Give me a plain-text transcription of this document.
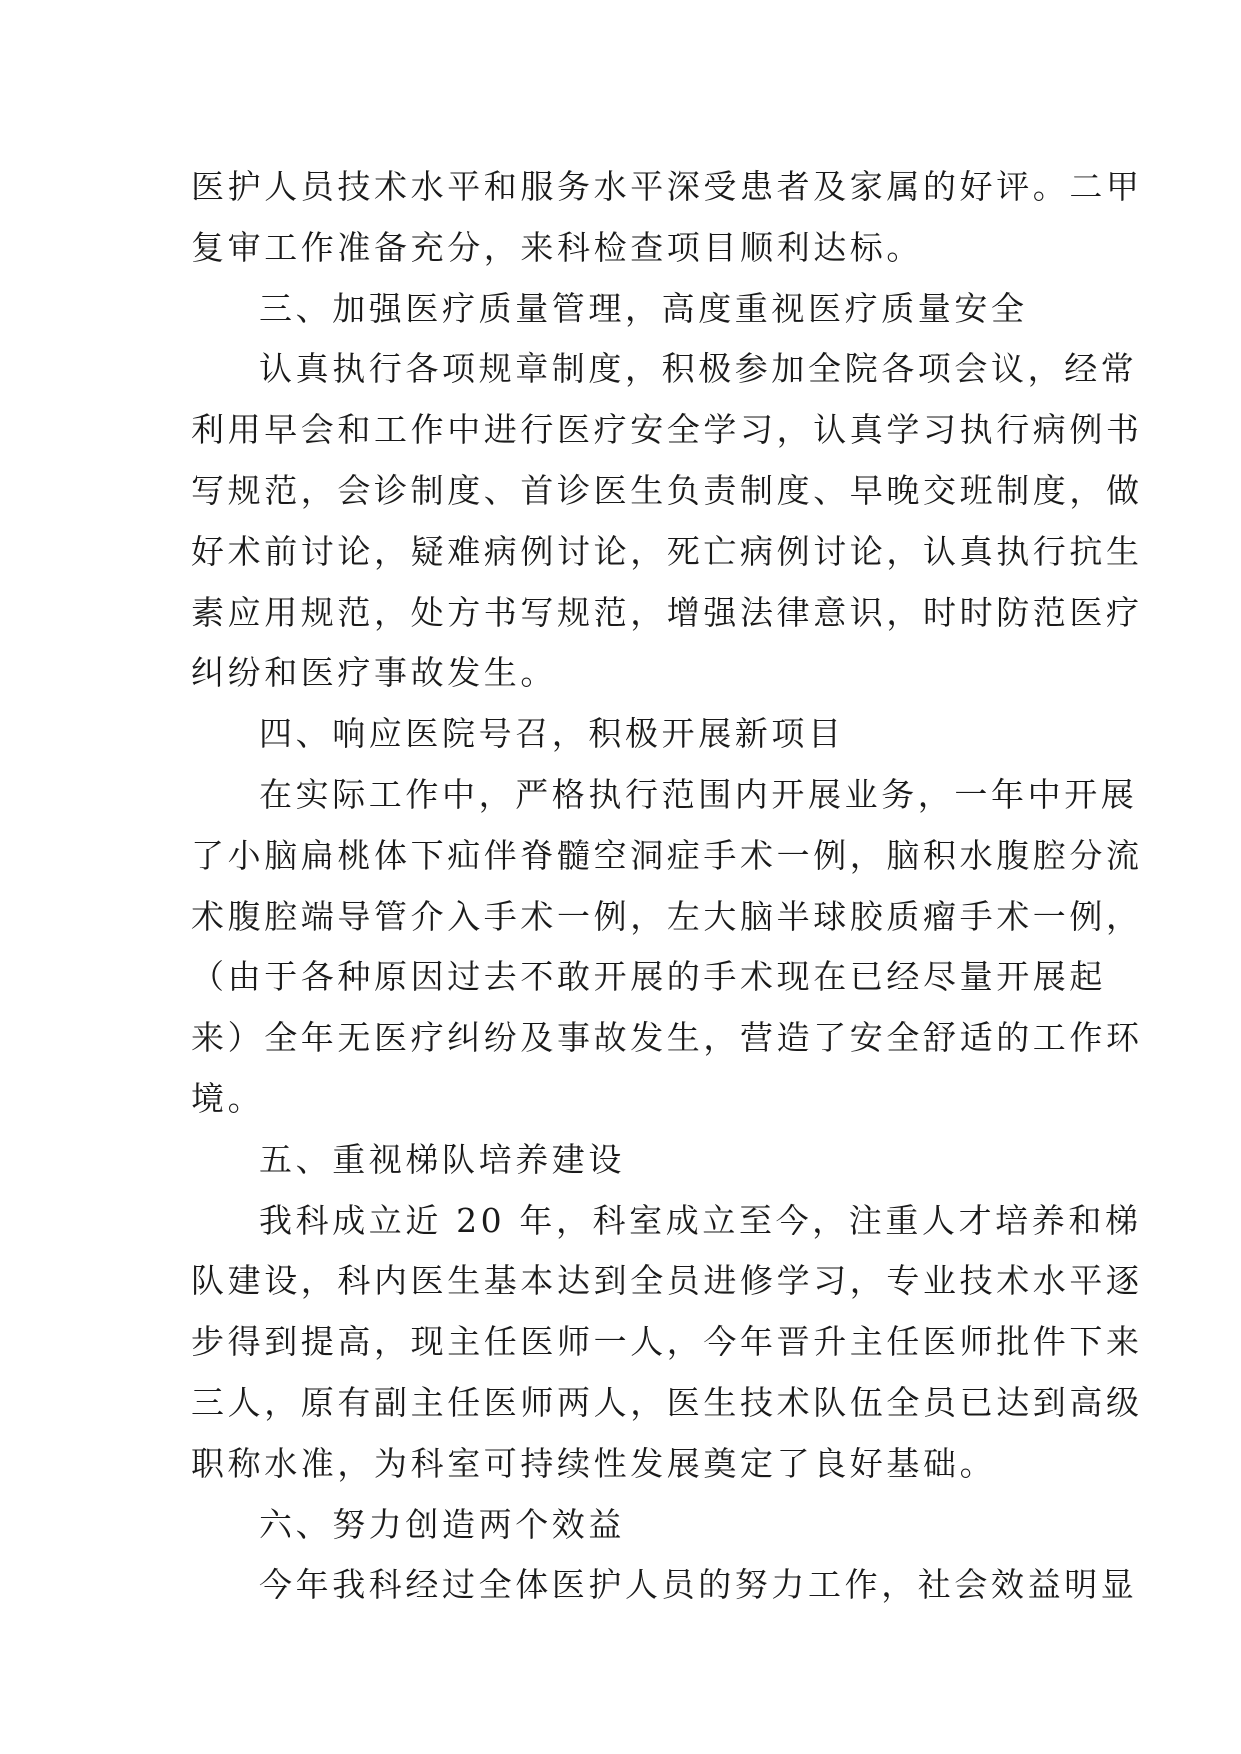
医护人员技术水平和服务水平深受患者及家属的好评。二甲
复审工作准备充分，来科检查项目顺利达标。
三、加强医疗质量管理，高度重视医疗质量安全
认真执行各项规章制度，积极参加全院各项会议，经常
利用早会和工作中进行医疗安全学习，认真学习执行病例书
写规范，会诊制度、首诊医生负责制度、早晚交班制度，做
好术前讨论，疑难病例讨论，死亡病例讨论，认真执行抗生
素应用规范，处方书写规范，增强法律意识，时时防范医疗
纠纷和医疗事故发生。
四、响应医院号召，积极开展新项目
在实际工作中，严格执行范围内开展业务，一年中开展
了小脑扁桃体下疝伴脊髓空洞症手术一例，脑积水腹腔分流
术腹腔端导管介入手术一例，左大脑半球胶质瘤手术一例，
（由于各种原因过去不敢开展的手术现在已经尽量开展起
来）全年无医疗纠纷及事故发生，营造了安全舒适的工作环
境。
五、重视梯队培养建设
我科成立近 20 年，科室成立至今，注重人才培养和梯
队建设，科内医生基本达到全员进修学习，专业技术水平逐
步得到提高，现主任医师一人，今年晋升主任医师批件下来
三人，原有副主任医师两人，医生技术队伍全员已达到高级
职称水准，为科室可持续性发展奠定了良好基础。
六、努力创造两个效益
今年我科经过全体医护人员的努力工作，社会效益明显
